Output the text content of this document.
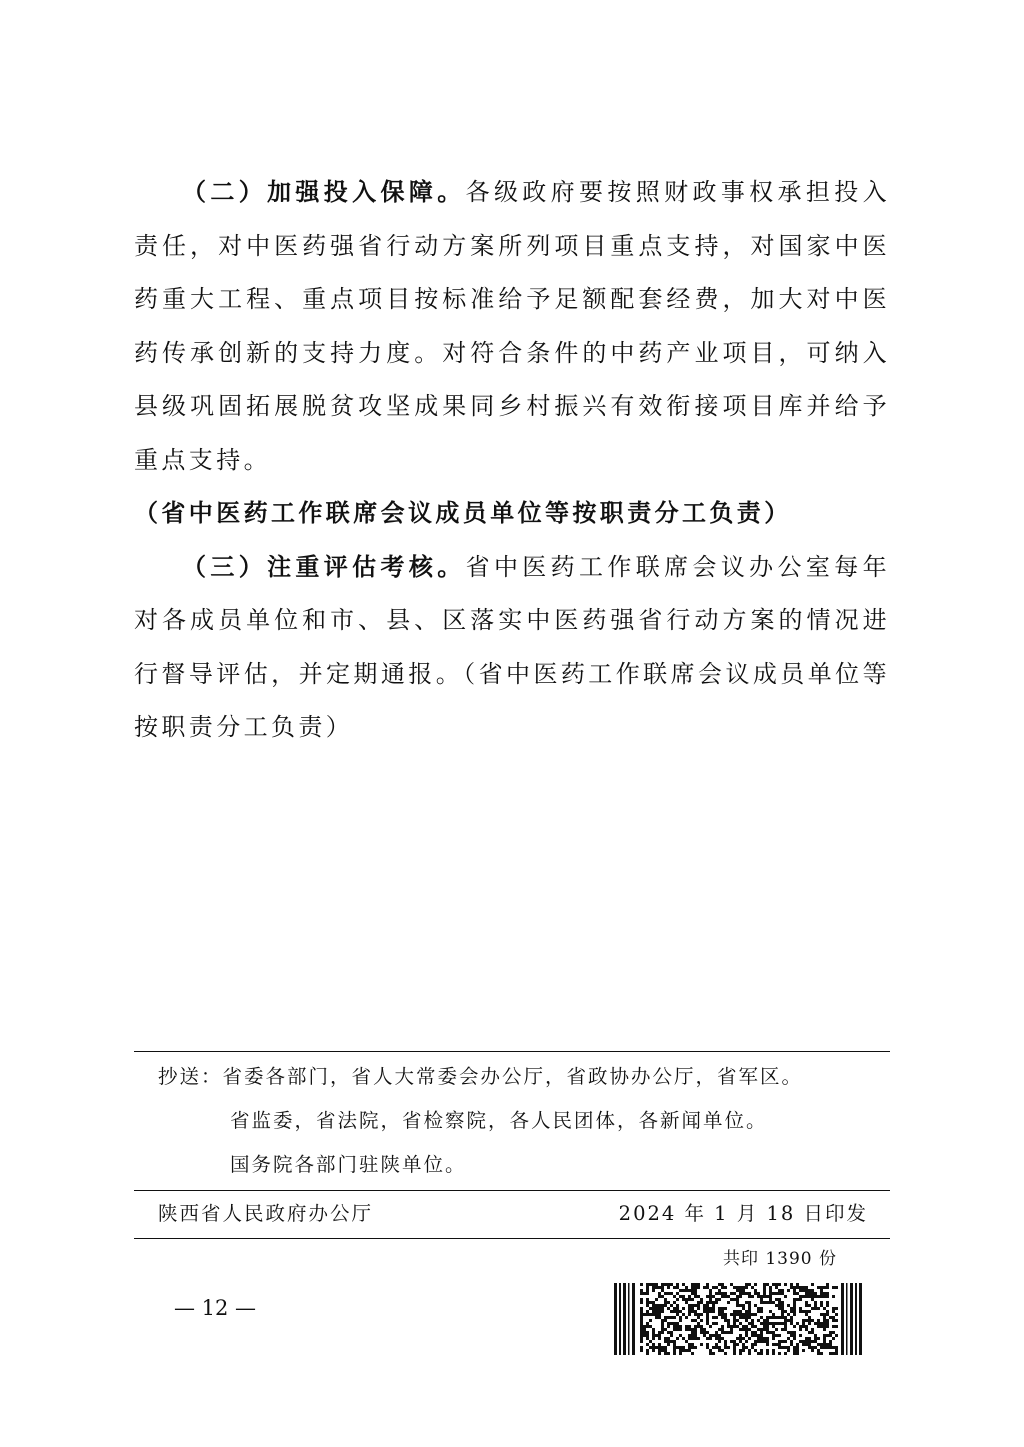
（二）加强投入保障。各级政府要按照财政事权承担投入责任，对中医药强省行动方案所列项目重点支持，对国家中医药重大工程、重点项目按标准给予足额配套经费，加大对中医药传承创新的支持力度。对符合条件的中药产业项目，可纳入县级巩固拓展脱贫攻坚成果同乡村振兴有效衔接项目库并给予重点支持。

（省中医药工作联席会议成员单位等按职责分工负责）

（三）注重评估考核。省中医药工作联席会议办公室每年对各成员单位和市、县、区落实中医药强省行动方案的情况进行督导评估，并定期通报。（省中医药工作联席会议成员单位等按职责分工负责）

抄送：省委各部门，省人大常委会办公厅，省政协办公厅，省军区。
省监委，省法院，省检察院，各人民团体，各新闻单位。
国务院各部门驻陕单位。
陕西省人民政府办公厅	2024 年 1 月 18 日印发
共印 1390 份
— 12 —
